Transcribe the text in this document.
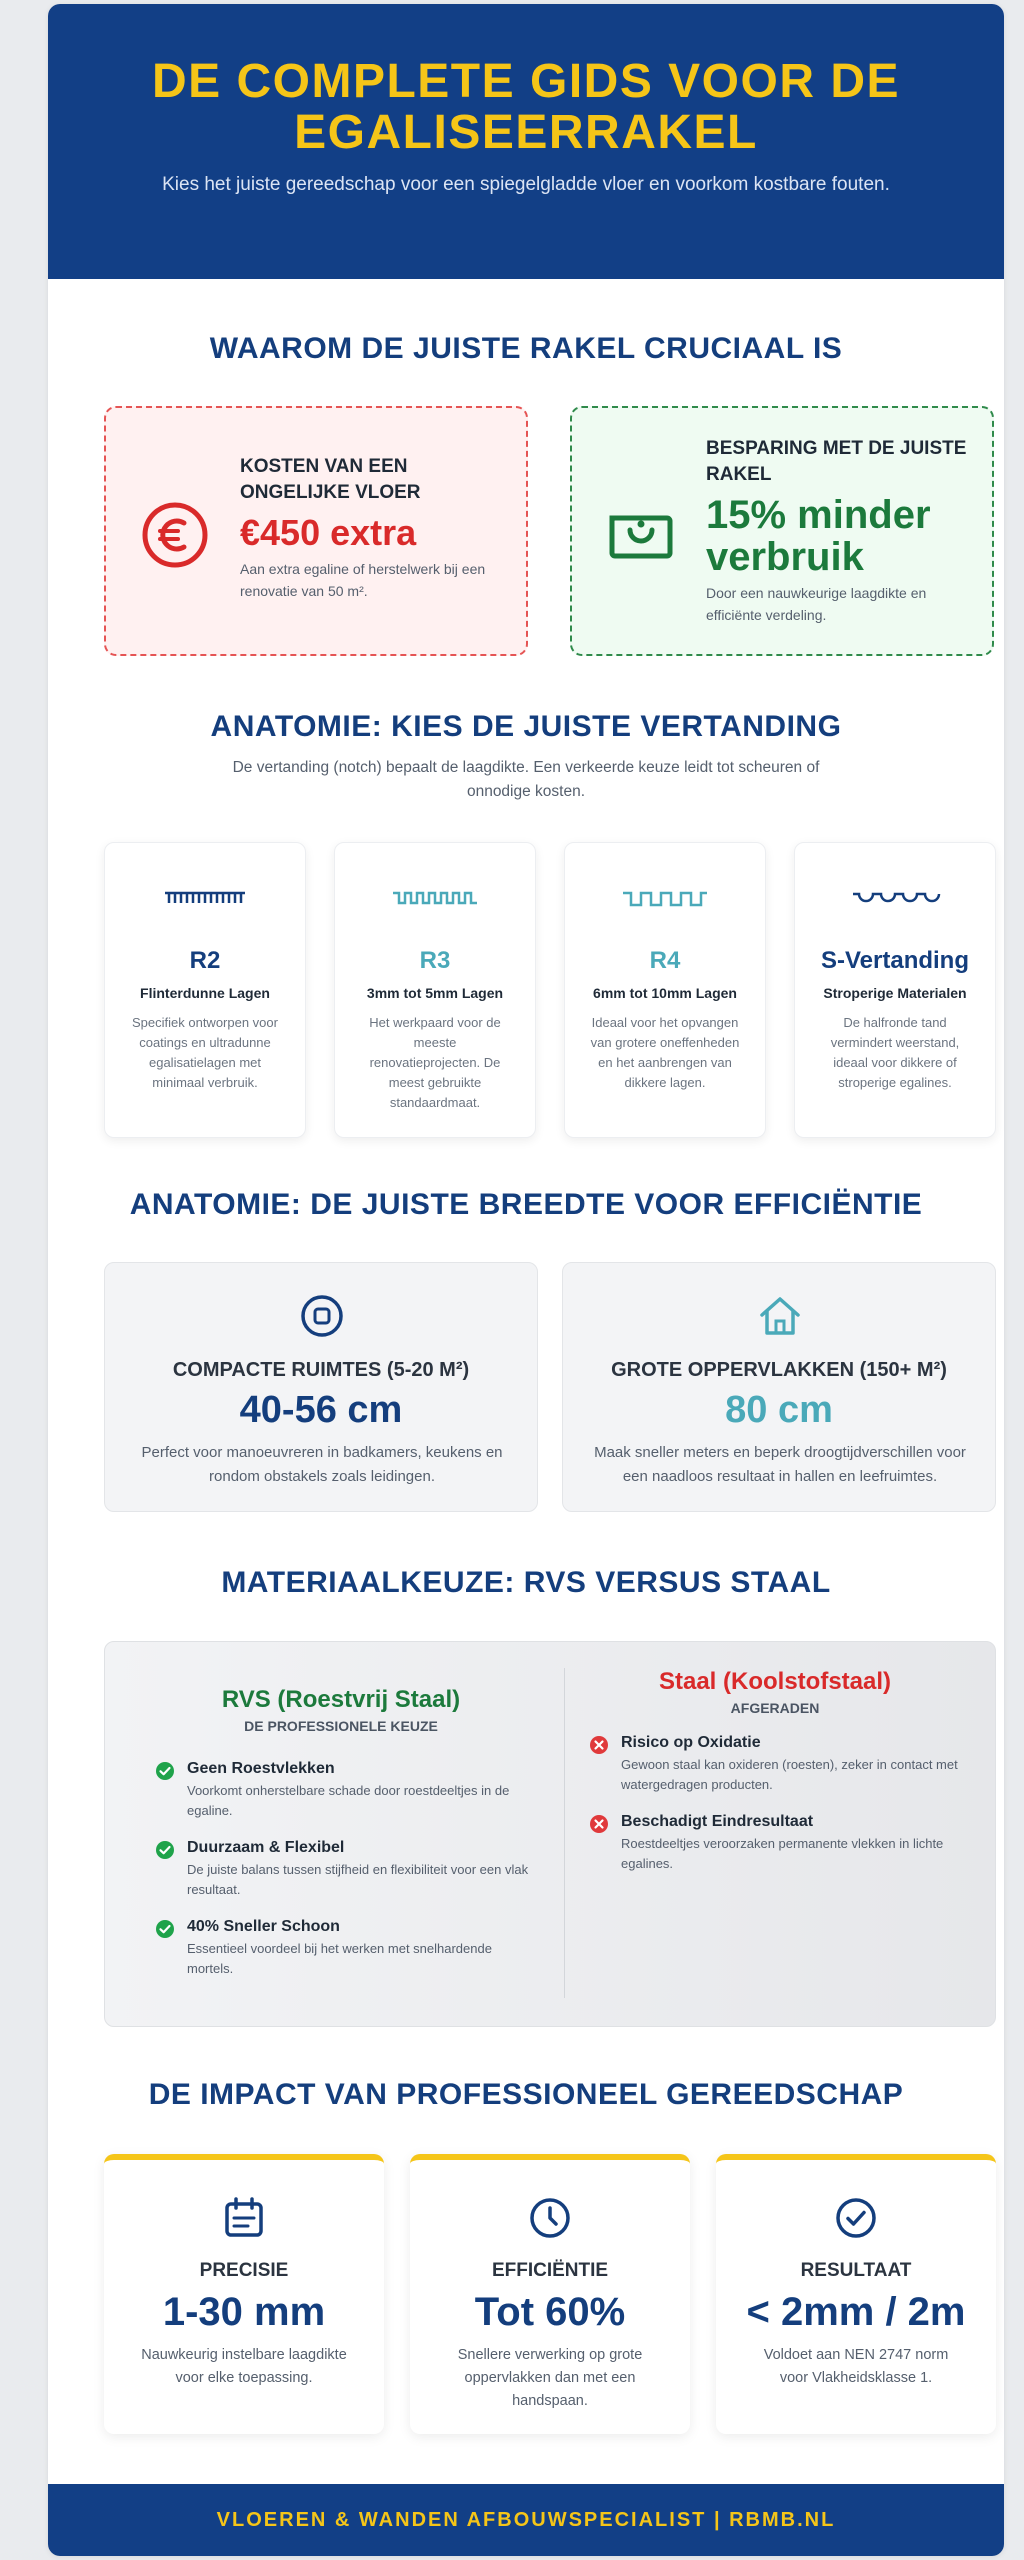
DE COMPLETE GIDS VOOR DE EGALISEERRAKEL

Kies het juiste gereedschap voor een spiegelgladde vloer en voorkom kostbare fouten.

WAAROM DE JUISTE RAKEL CRUCIAAL IS
KOSTEN VAN EEN ONGELIJKE VLOER
€450 extra
Aan extra egaline of herstelwerk bij een renovatie van 50 m².
BESPARING MET DE JUISTE RAKEL
15% minder verbruik
Door een nauwkeurige laagdikte en efficiënte verdeling.
ANATOMIE: KIES DE JUISTE VERTANDING

De vertanding (notch) bepaalt de laagdikte. Een verkeerde keuze leidt tot scheuren of onnodige kosten.

R2
Flinterdunne Lagen
Specifiek ontworpen voor coatings en ultradunne egalisatielagen met minimaal verbruik.
R3
3mm tot 5mm Lagen
Het werkpaard voor de meeste renovatieprojecten. De meest gebruikte standaardmaat.
R4
6mm tot 10mm Lagen
Ideaal voor het opvangen van grotere oneffenheden en het aanbrengen van dikkere lagen.
S-Vertanding
Stroperige Materialen
De halfronde tand vermindert weerstand, ideaal voor dikkere of stroperige egalines.
ANATOMIE: DE JUISTE BREEDTE VOOR EFFICIËNTIE
COMPACTE RUIMTES (5-20 M²)
40-56 cm
Perfect voor manoeuvreren in badkamers, keukens en rondom obstakels zoals leidingen.
GROTE OPPERVLAKKEN (150+ M²)
80 cm
Maak sneller meters en beperk droogtijdverschillen voor een naadloos resultaat in hallen en leefruimtes.
MATERIAALKEUZE: RVS VERSUS STAAL
RVS (Roestvrij Staal)
DE PROFESSIONELE KEUZE
Geen Roestvlekken
Voorkomt onherstelbare schade door roestdeeltjes in de egaline.
Duurzaam & Flexibel
De juiste balans tussen stijfheid en flexibiliteit voor een vlak resultaat.
40% Sneller Schoon
Essentieel voordeel bij het werken met snelhardende mortels.
Staal (Koolstofstaal)
AFGERADEN
Risico op Oxidatie
Gewoon staal kan oxideren (roesten), zeker in contact met watergedragen producten.
Beschadigt Eindresultaat
Roestdeeltjes veroorzaken permanente vlekken in lichte egalines.
DE IMPACT VAN PROFESSIONEEL GEREEDSCHAP
PRECISIE
1-30 mm
Nauwkeurig instelbare laagdikte voor elke toepassing.
EFFICIËNTIE
Tot 60%
Snellere verwerking op grote oppervlakken dan met een handspaan.
RESULTAAT
< 2mm / 2m
Voldoet aan NEN 2747 norm voor Vlakheidsklasse 1.
VLOEREN & WANDEN AFBOUWSPECIALIST | RBMB.NL
